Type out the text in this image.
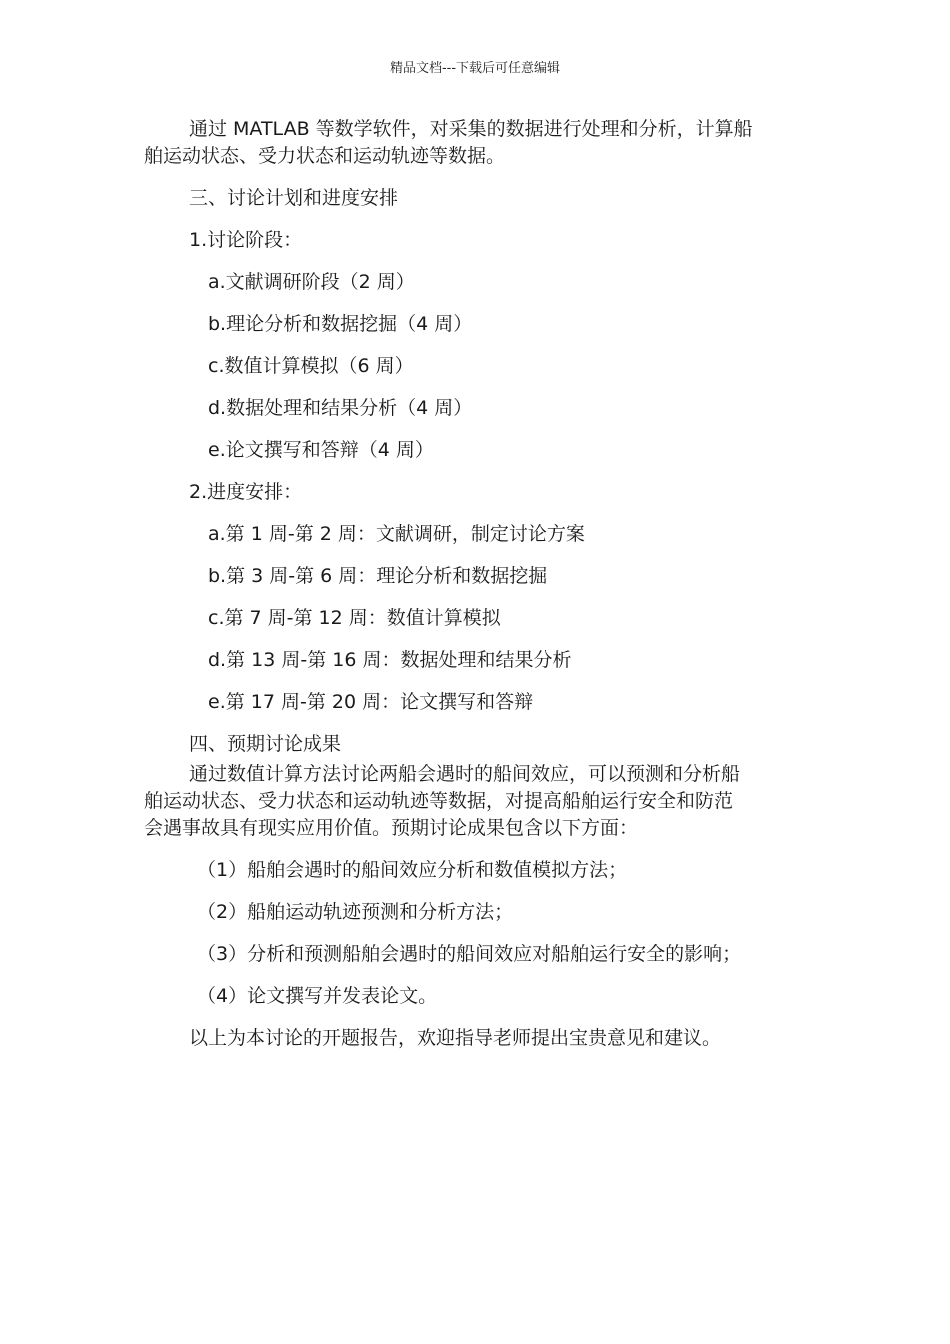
精品文档---下载后可任意编辑

通过 MATLAB 等数学软件，对采集的数据进行处理和分析，计算船
舶运动状态、受力状态和运动轨迹等数据。

三、讨论计划和进度安排
1.讨论阶段：
a.文献调研阶段（2 周）
b.理论分析和数据挖掘（4 周）
c.数值计算模拟（6 周）
d.数据处理和结果分析（4 周）
e.论文撰写和答辩（4 周）
2.进度安排：
a.第 1 周-第 2 周：文献调研，制定讨论方案
b.第 3 周-第 6 周：理论分析和数据挖掘
c.第 7 周-第 12 周：数值计算模拟
d.第 13 周-第 16 周：数据处理和结果分析
e.第 17 周-第 20 周：论文撰写和答辩
四、预期讨论成果

通过数值计算方法讨论两船会遇时的船间效应，可以预测和分析船
舶运动状态、受力状态和运动轨迹等数据，对提高船舶运行安全和防范
会遇事故具有现实应用价值。预期讨论成果包含以下方面：

（1）船舶会遇时的船间效应分析和数值模拟方法；
（2）船舶运动轨迹预测和分析方法；
（3）分析和预测船舶会遇时的船间效应对船舶运行安全的影响；
（4）论文撰写并发表论文。
以上为本讨论的开题报告，欢迎指导老师提出宝贵意见和建议。
